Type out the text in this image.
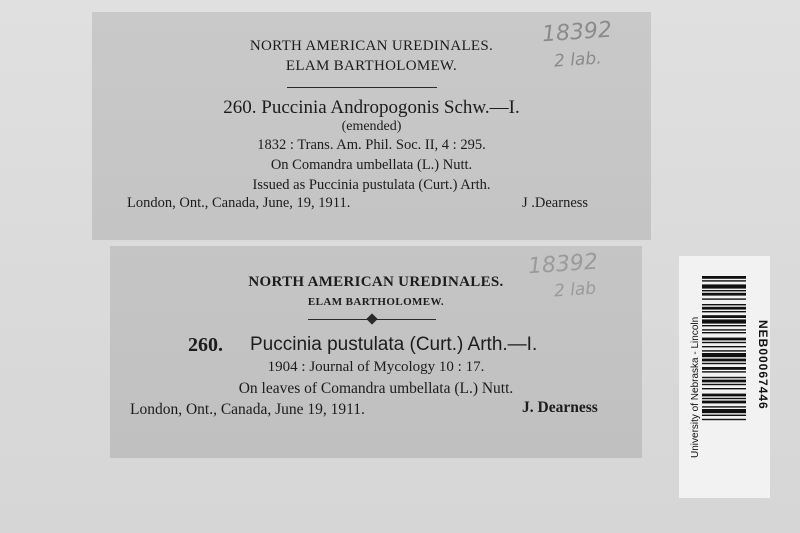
NORTH AMERICAN UREDINALES.
ELAM BARTHOLOMEW.
260. Puccinia Andropogonis Schw.—I.
(emended)
1832 : Trans. Am. Phil. Soc. II, 4 : 295.
On Comandra umbellata (L.) Nutt.
Issued as Puccinia pustulata (Curt.) Arth.
London, Ont., Canada, June, 19, 1911.	J .Dearness
18392
2 lab.
NORTH AMERICAN UREDINALES.
ELAM BARTHOLOMEW.
260. Puccinia pustulata (Curt.) Arth.—I.
1904 : Journal of Mycology 10 : 17.
On leaves of Comandra umbellata (L.) Nutt.
London, Ont., Canada, June 19, 1911.	J. Dearness
18392
2 lab
University of Nebraska - Lincoln	NEB00067446
